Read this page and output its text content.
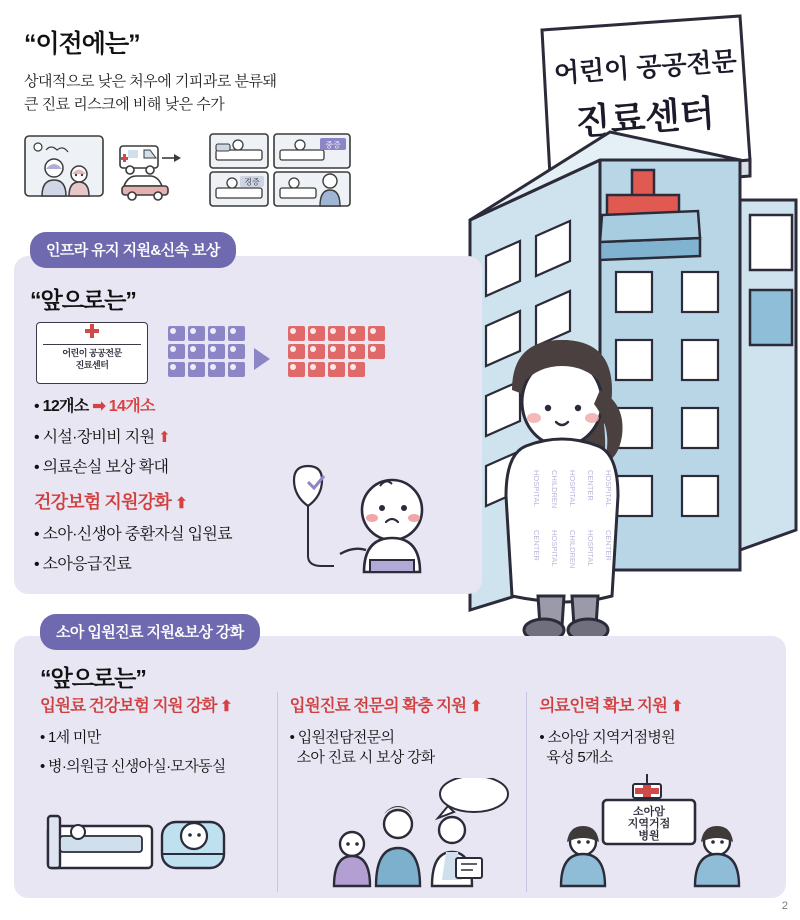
“이전에는”
상대적으로 낮은 처우에 기피과로 분류돼
큰 진료 리스크에 비해 낮은 수가
중증
경증
어린이 공공전문
진료센터
HOSPITAL CHILDREN HOSPITAL CENTER HOSPITAL
CENTER HOSPITAL CHILDREN HOSPITAL CENTER
인프라 유지 지원&신속 보상
“앞으로는”
어린이 공공전문
진료센터
• 12개소 ➡ 14개소
• 시설·장비비 지원 ⬆
• 의료손실 보상 확대
건강보험 지원강화 ⬆
• 소아·신생아 중환자실 입원료
• 소아응급진료
소아 입원진료 지원&보상 강화
“앞으로는”
입원료 건강보험 지원 강화 ⬆
• 1세 미만
• 병·의원급 신생아실·모자동실
입원진료 전문의 확충 지원 ⬆
• 입원전담전문의
소아 진료 시 보상 강화
의료인력 확보 지원 ⬆
• 소아암 지역거점병원
육성 5개소
소아암
지역거점
병원
2
